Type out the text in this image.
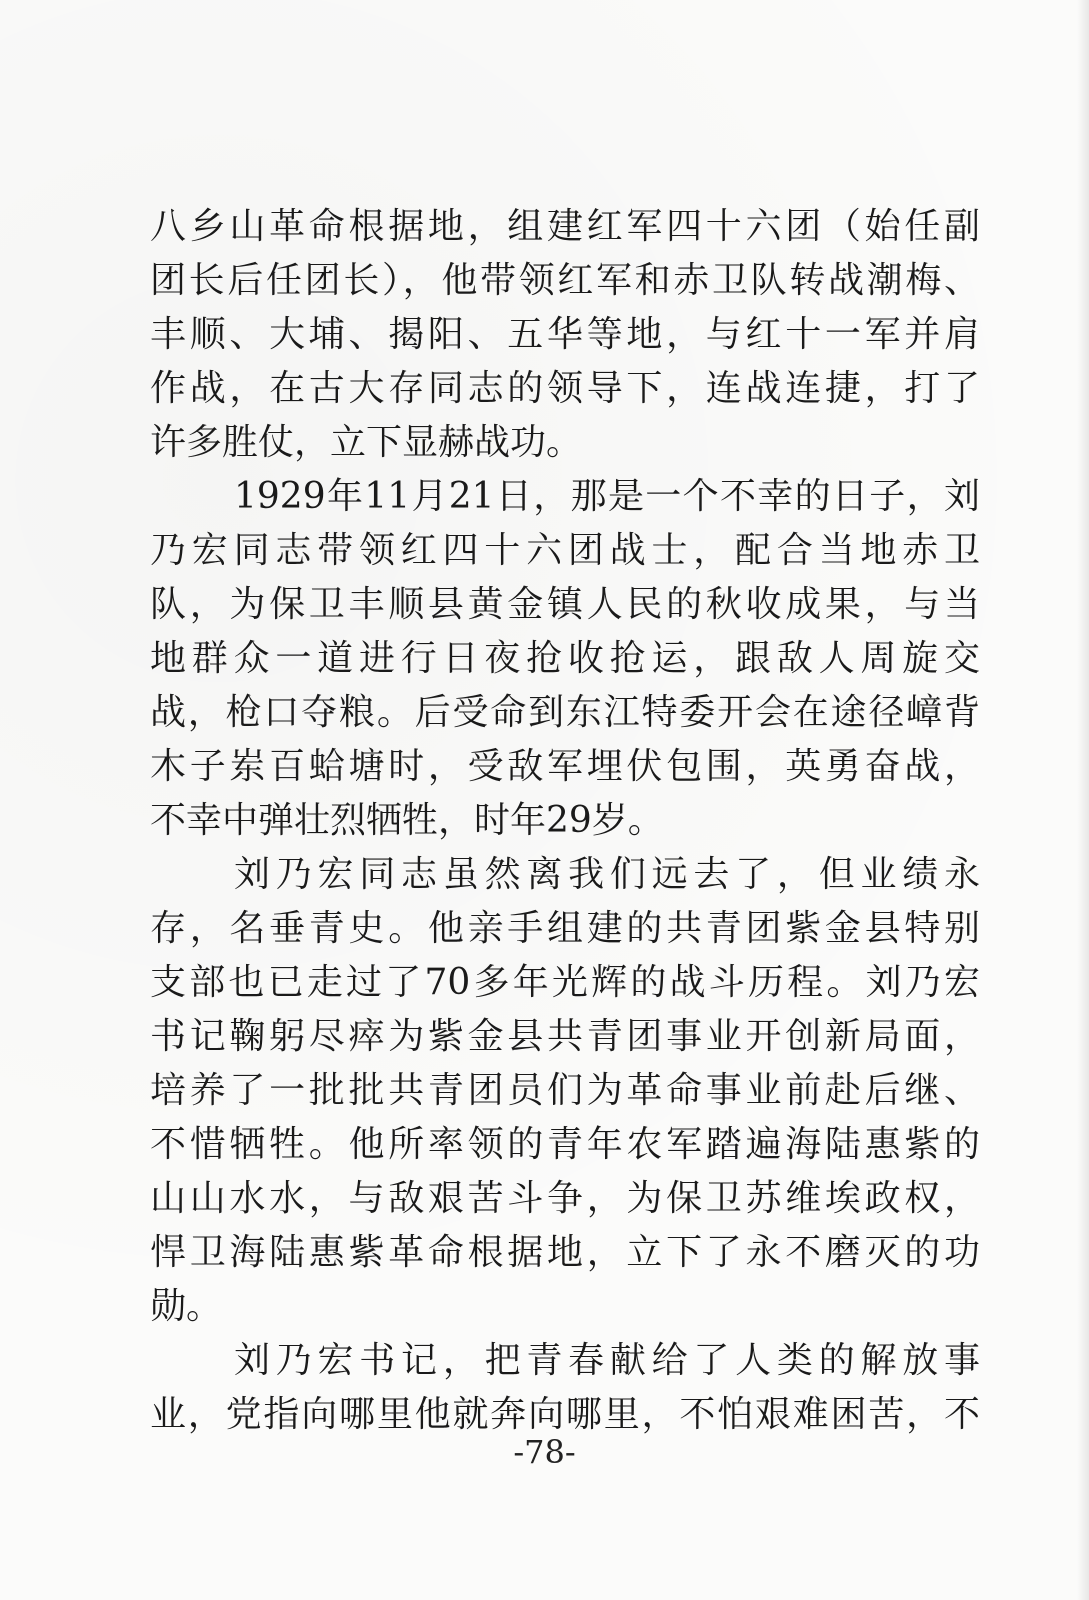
八乡山革命根据地，组建红军四十六团（始任副
团长后任团长），他带领红军和赤卫队转战潮梅、
丰顺、大埔、揭阳、五华等地，与红十一军并肩
作战，在古大存同志的领导下，连战连捷，打了
许多胜仗，立下显赫战功。
1929年11月21日，那是一个不幸的日子，刘
乃宏同志带领红四十六团战士，配合当地赤卫
队，为保卫丰顺县黄金镇人民的秋收成果，与当
地群众一道进行日夜抢收抢运，跟敌人周旋交
战，枪口夺粮。后受命到东江特委开会在途径嶂背
木子岽百蛤塘时，受敌军埋伏包围，英勇奋战，
不幸中弹壮烈牺牲，时年29岁。
刘乃宏同志虽然离我们远去了，但业绩永
存，名垂青史。他亲手组建的共青团紫金县特别
支部也已走过了70多年光辉的战斗历程。刘乃宏
书记鞠躬尽瘁为紫金县共青团事业开创新局面，
培养了一批批共青团员们为革命事业前赴后继、
不惜牺牲。他所率领的青年农军踏遍海陆惠紫的
山山水水，与敌艰苦斗争，为保卫苏维埃政权，
悍卫海陆惠紫革命根据地，立下了永不磨灭的功
勋。
刘乃宏书记，把青春献给了人类的解放事
业，党指向哪里他就奔向哪里，不怕艰难困苦，不
-78-
